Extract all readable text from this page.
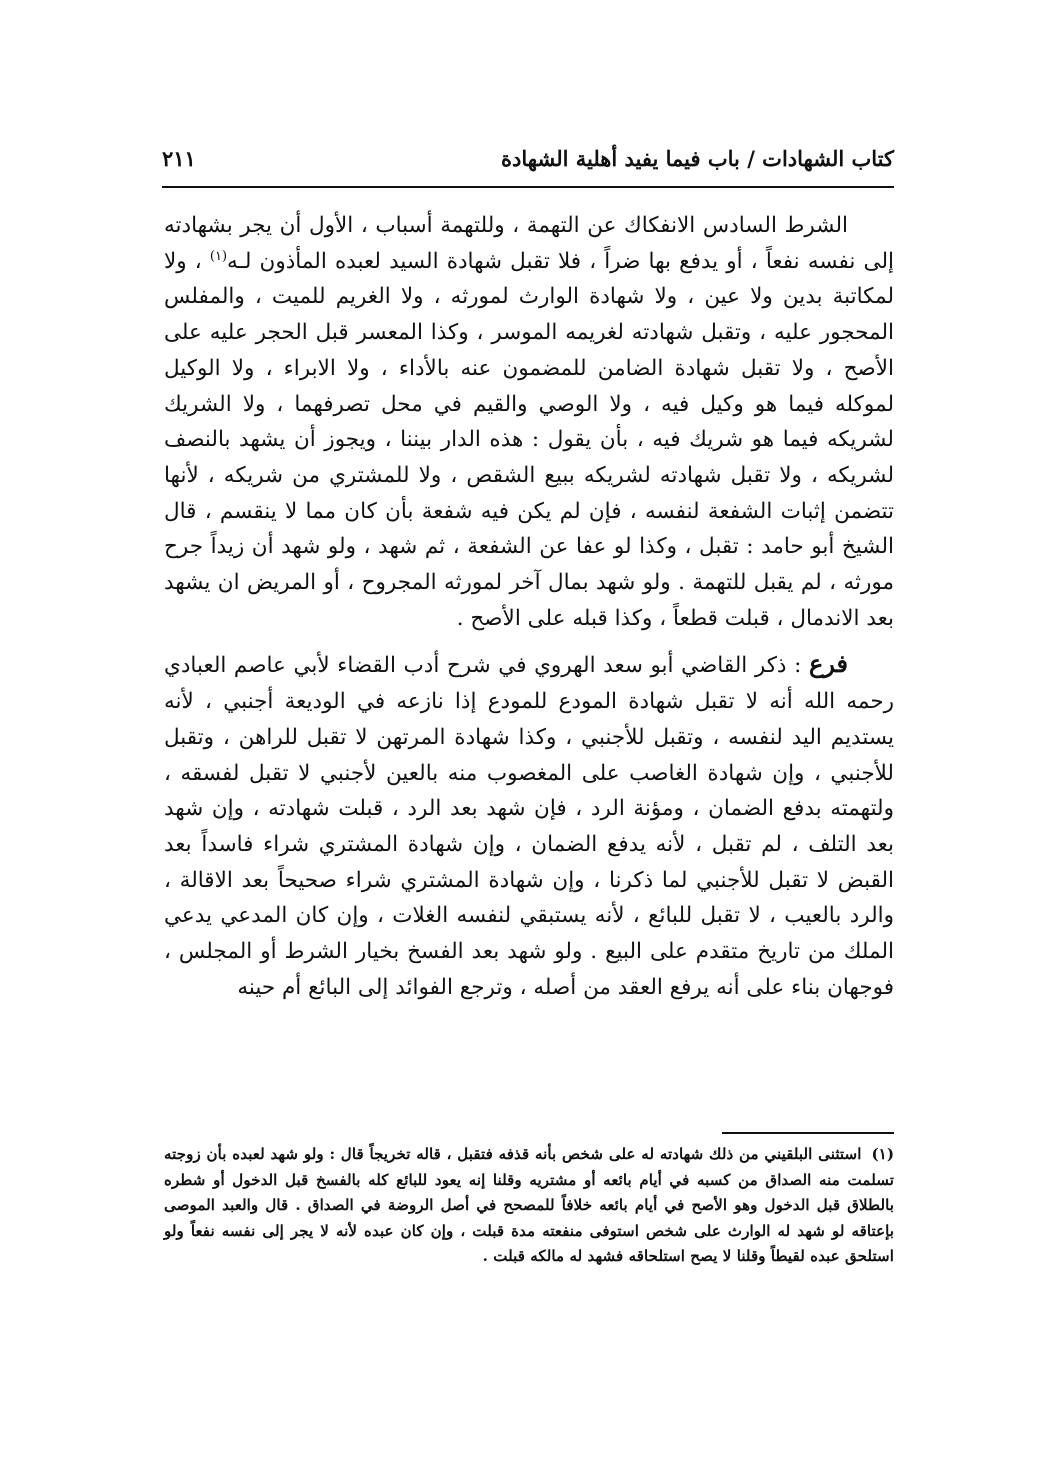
كتاب الشهادات / باب فيما يفيد أهلية الشهادة
٢١١

الشرط السادس الانفكاك عن التهمة ، وللتهمة أسباب ، الأول أن يجر بشهادته إلى نفسه نفعاً ، أو يدفع بها ضراً ، فلا تقبل شهادة السيد لعبده المأذون لـه$^{(١)}$ ، ولا لمكاتبة بدين ولا عين ، ولا شهادة الوارث لمورثه ، ولا الغريم للميت ، والمفلس المحجور عليه ، وتقبل شهادته لغريمه الموسر ، وكذا المعسر قبل الحجر عليه على الأصح ، ولا تقبل شهادة الضامن للمضمون عنه بالأداء ، ولا الابراء ، ولا الوكيل لموكله فيما هو وكيل فيه ، ولا الوصي والقيم في محل تصرفهما ، ولا الشريك لشريكه فيما هو شريك فيه ، بأن يقول : هذه الدار بيننا ، ويجوز أن يشهد بالنصف لشريكه ، ولا تقبل شهادته لشريكه ببيع الشقص ، ولا للمشتري من شريكه ، لأنها تتضمن إثبات الشفعة لنفسه ، فإن لم يكن فيه شفعة بأن كان مما لا ينقسم ، قال الشيخ أبو حامد : تقبل ، وكذا لو عفا عن الشفعة ، ثم شهد ، ولو شهد أن زيداً جرح مورثه ، لم يقبل للتهمة . ولو شهد بمال آخر لمورثه المجروح ، أو المريض ان يشهد بعد الاندمال ، قبلت قطعاً ، وكذا قبله على الأصح .

فرع : ذكر القاضي أبو سعد الهروي في شرح أدب القضاء لأبي عاصم العبادي رحمه الله أنه لا تقبل شهادة المودع للمودع إذا نازعه في الوديعة أجنبي ، لأنه يستديم اليد لنفسه ، وتقبل للأجنبي ، وكذا شهادة المرتهن لا تقبل للراهن ، وتقبل للأجنبي ، وإن شهادة الغاصب على المغصوب منه بالعين لأجنبي لا تقبل لفسقه ، ولتهمته بدفع الضمان ، ومؤنة الرد ، فإن شهد بعد الرد ، قبلت شهادته ، وإن شهد بعد التلف ، لم تقبل ، لأنه يدفع الضمان ، وإن شهادة المشتري شراء فاسداً بعد القبض لا تقبل للأجنبي لما ذكرنا ، وإن شهادة المشتري شراء صحيحاً بعد الاقالة ، والرد بالعيب ، لا تقبل للبائع ، لأنه يستبقي لنفسه الغلات ، وإن كان المدعي يدعي الملك من تاريخ متقدم على البيع . ولو شهد بعد الفسخ بخيار الشرط أو المجلس ، فوجهان بناء على أنه يرفع العقد من أصله ، وترجع الفوائد إلى البائع أم حينه

(١)استثنى البلقيني من ذلك شهادته له على شخص بأنه قذفه فتقبل ، قاله تخريجاً قال : ولو شهد لعبده بأن زوجته تسلمت منه الصداق من كسبه في أيام بائعه أو مشتريه وقلنا إنه يعود للبائع كله بالفسخ قبل الدخول أو شطره بالطلاق قبل الدخول وهو الأصح في أيام بائعه خلافاً للمصحح في أصل الروضة في الصداق . قال والعبد الموصى بإعتاقه لو شهد له الوارث على شخص استوفى منفعته مدة قبلت ، وإن كان عبده لأنه لا يجر إلى نفسه نفعاً ولو استلحق عبده لقيطاً وقلنا لا يصح استلحاقه فشهد له مالكه قبلت .
